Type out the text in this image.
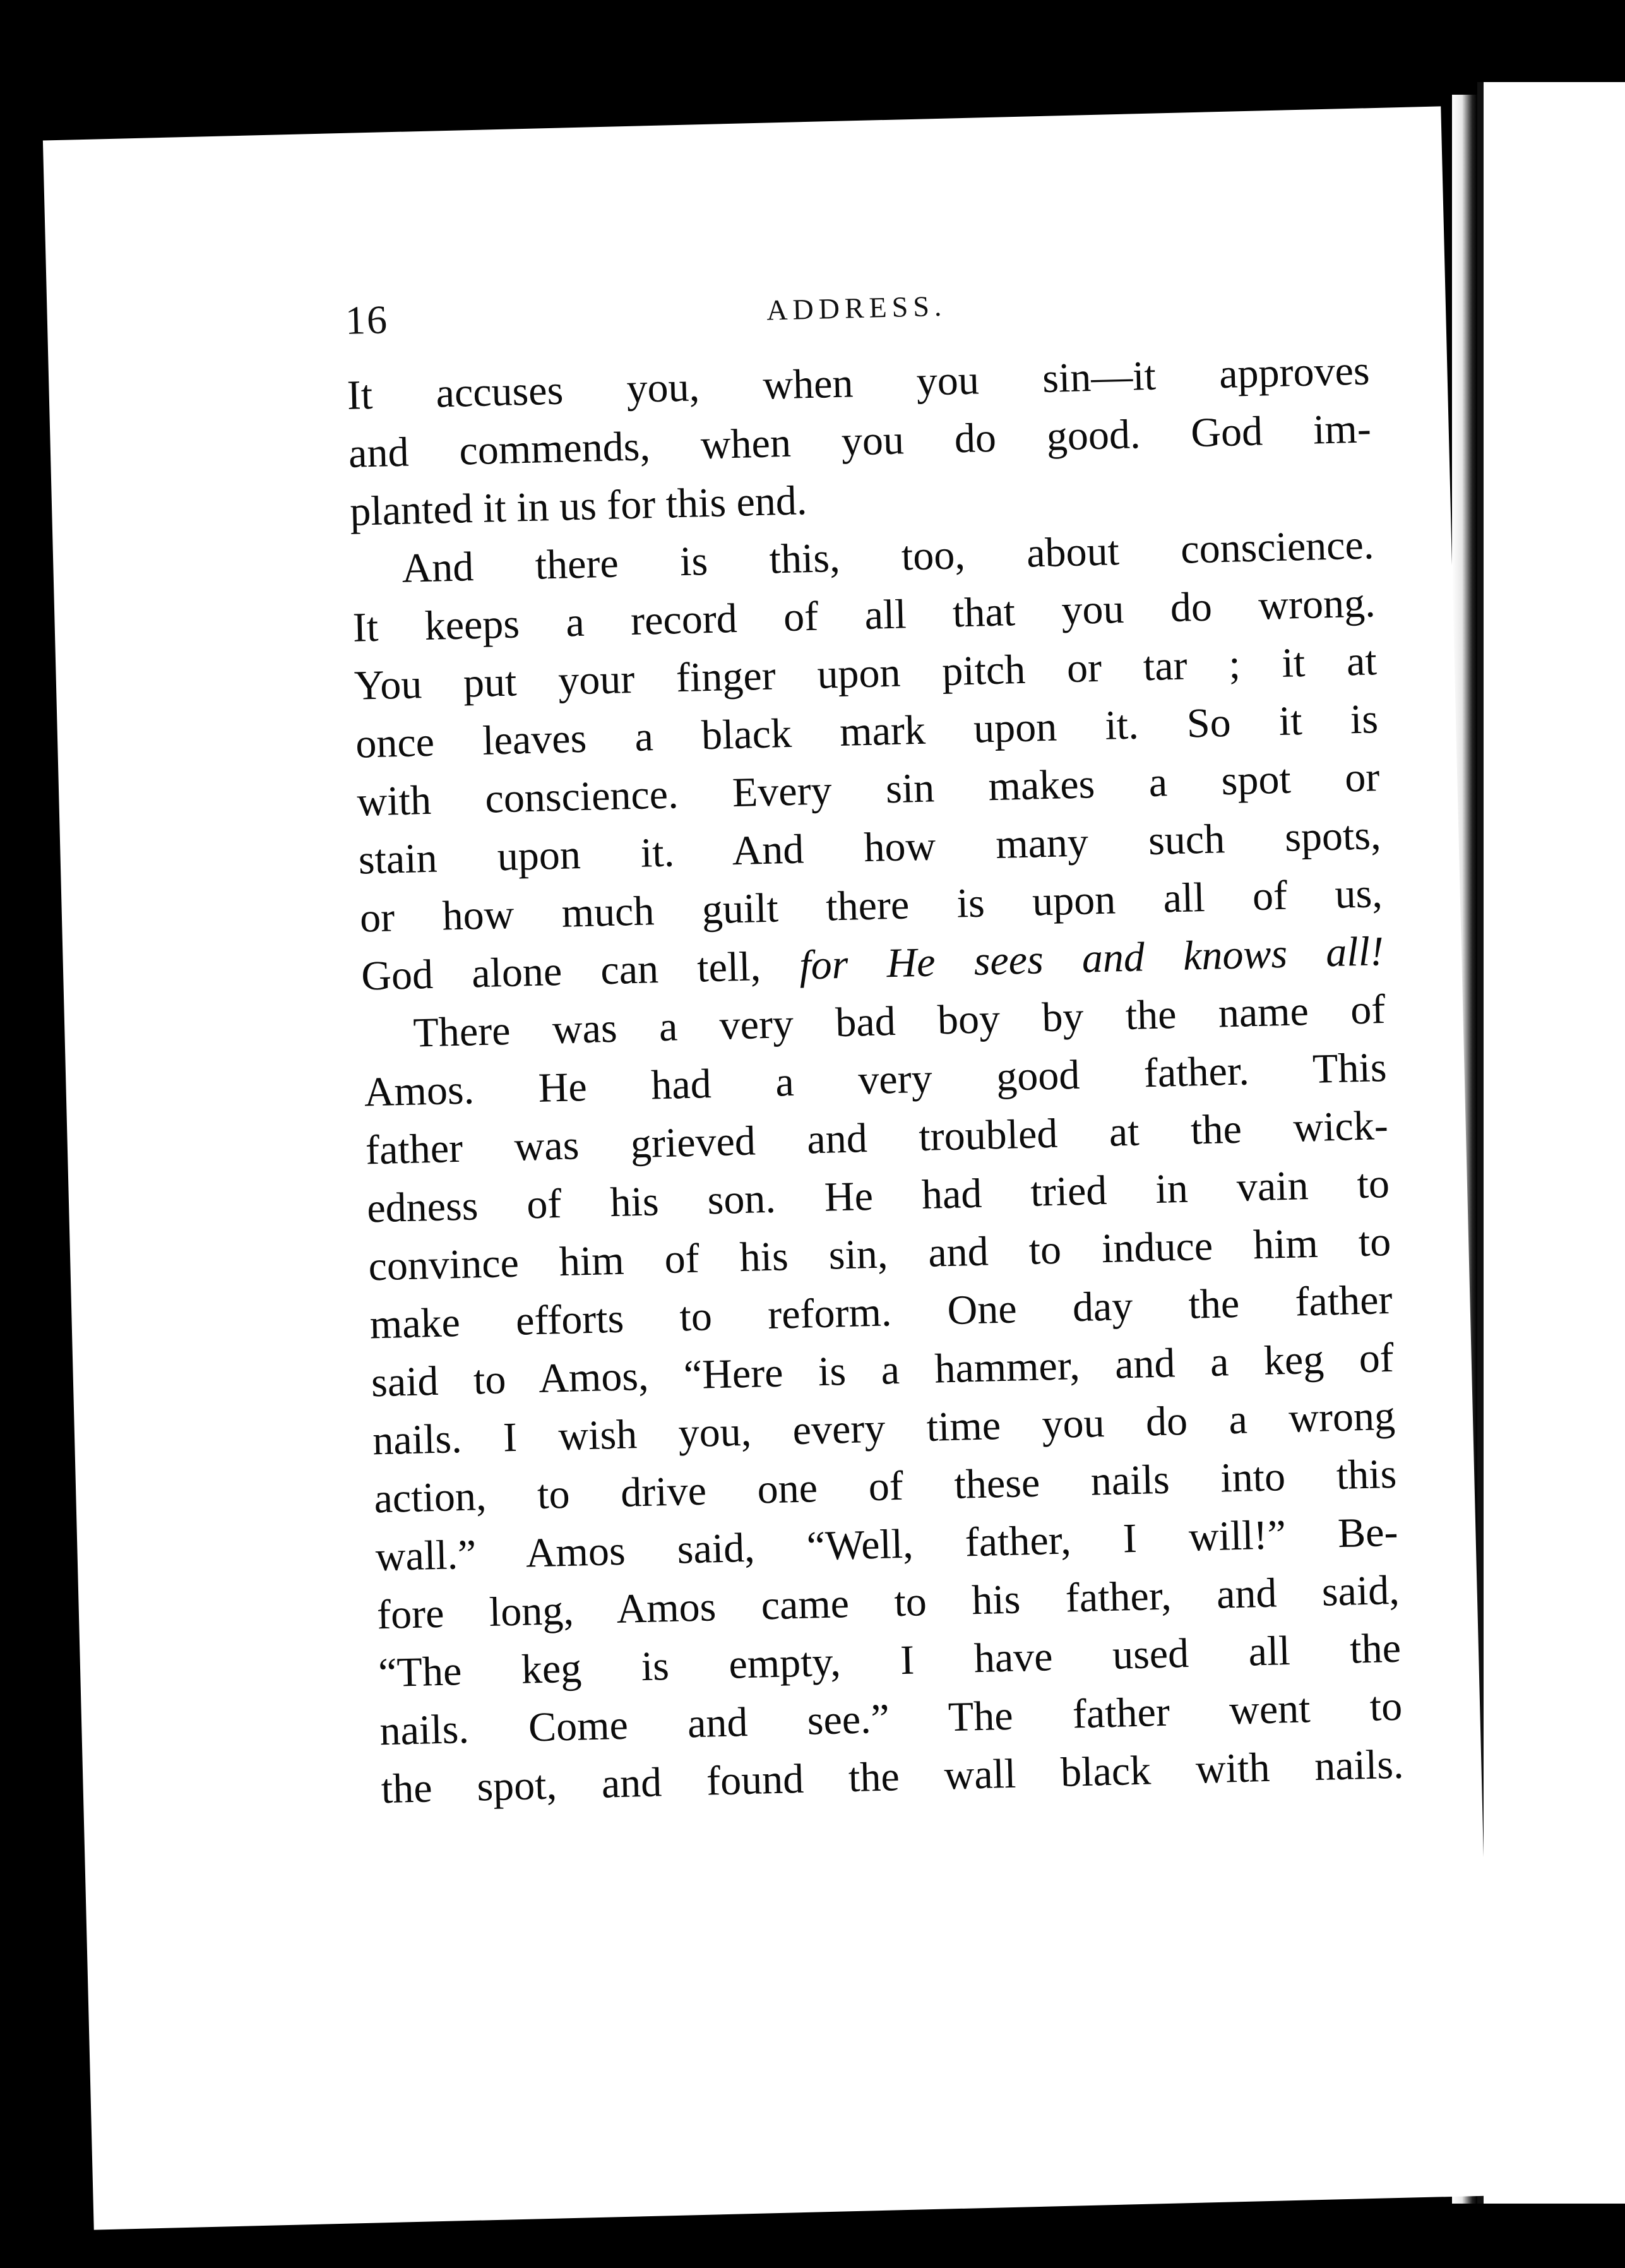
16	ADDRESS.
It accuses you, when you sin—it approves
and commends, when you do good. God im-
planted it in us for this end.
And there is this, too, about conscience.
It keeps a record of all that you do wrong.
You put your finger upon pitch or tar ; it at
once leaves a black mark upon it. So it is
with conscience. Every sin makes a spot or
stain upon it. And how many such spots,
or how much guilt there is upon all of us,
God alone can tell, for He sees and knows all!
There was a very bad boy by the name of
Amos. He had a very good father. This
father was grieved and troubled at the wick-
edness of his son. He had tried in vain to
convince him of his sin, and to induce him to
make efforts to reform. One day the father
said to Amos, “Here is a hammer, and a keg of
nails. I wish you, every time you do a wrong
action, to drive one of these nails into this
wall.” Amos said, “Well, father, I will!” Be-
fore long, Amos came to his father, and said,
“The keg is empty, I have used all the
nails. Come and see.” The father went to
the spot, and found the wall black with nails.
